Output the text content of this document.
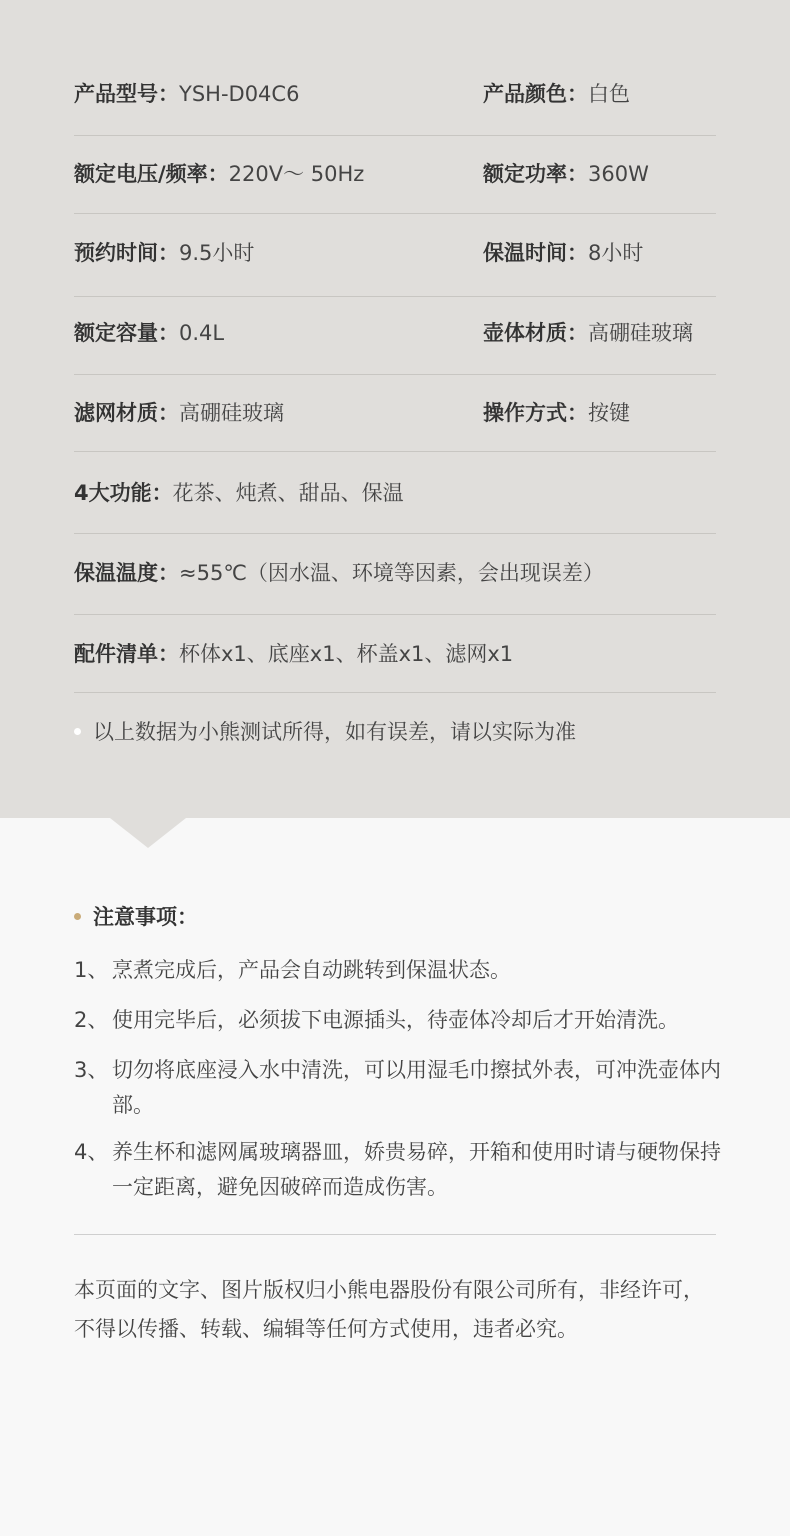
产品型号：YSH-D04C6	产品颜色：白色
额定电压/频率：220V～ 50Hz	额定功率：360W
预约时间：9.5小时	保温时间：8小时
额定容量：0.4L	壶体材质：高硼硅玻璃
滤网材质：高硼硅玻璃	操作方式：按键
4大功能：花茶、炖煮、甜品、保温
保温温度：≈55℃（因水温、环境等因素，会出现误差）
配件清单：杯体x1、底座x1、杯盖x1、滤网x1
以上数据为小熊测试所得，如有误差，请以实际为准
注意事项：
1、 烹煮完成后，产品会自动跳转到保温状态。
2、 使用完毕后，必须拔下电源插头，待壶体冷却后才开始清洗。
3、 切勿将底座浸入水中清洗，可以用湿毛巾擦拭外表，可冲洗壶体内部。
4、 养生杯和滤网属玻璃器皿，娇贵易碎，开箱和使用时请与硬物保持一定距离，避免因破碎而造成伤害。
本页面的文字、图片版权归小熊电器股份有限公司所有，非经许可，不得以传播、转载、编辑等任何方式使用，违者必究。
